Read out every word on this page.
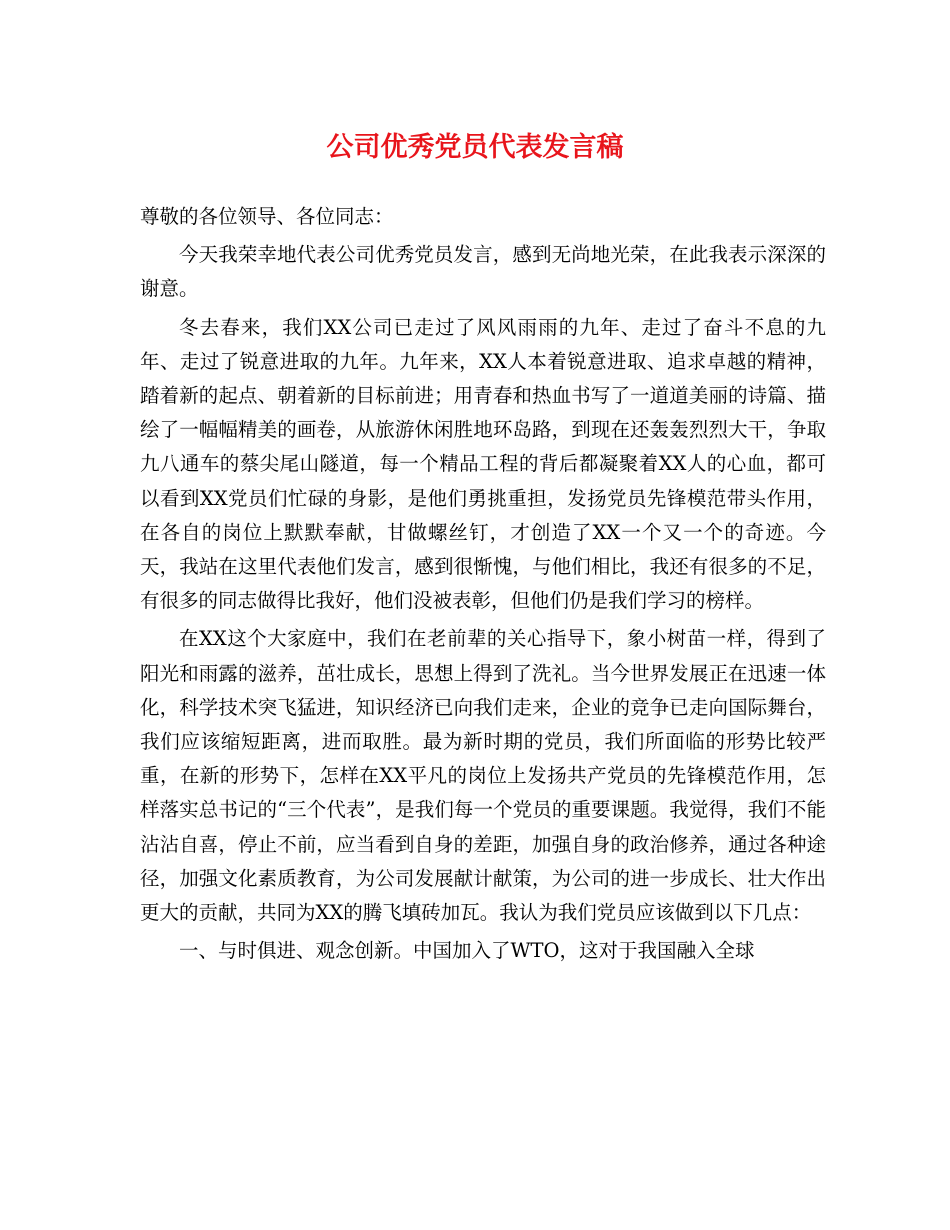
公司优秀党员代表发言稿

尊敬的各位领导、各位同志：

今天我荣幸地代表公司优秀党员发言，感到无尚地光荣，在此我表示深深的谢意。

冬去春来，我们XX公司已走过了风风雨雨的九年、走过了奋斗不息的九年、走过了锐意进取的九年。九年来，XX人本着锐意进取、追求卓越的精神，踏着新的起点、朝着新的目标前进；用青春和热血书写了一道道美丽的诗篇、描绘了一幅幅精美的画卷，从旅游休闲胜地环岛路，到现在还轰轰烈烈大干，争取九八通车的蔡尖尾山隧道，每一个精品工程的背后都凝聚着XX人的心血，都可以看到XX党员们忙碌的身影，是他们勇挑重担，发扬党员先锋模范带头作用，在各自的岗位上默默奉献，甘做螺丝钉，才创造了XX一个又一个的奇迹。今天，我站在这里代表他们发言，感到很惭愧，与他们相比，我还有很多的不足，有很多的同志做得比我好，他们没被表彰，但他们仍是我们学习的榜样。

在XX这个大家庭中，我们在老前辈的关心指导下，象小树苗一样，得到了阳光和雨露的滋养，茁壮成长，思想上得到了洗礼。当今世界发展正在迅速一体化，科学技术突飞猛进，知识经济已向我们走来，企业的竞争已走向国际舞台，我们应该缩短距离，进而取胜。最为新时期的党员，我们所面临的形势比较严重，在新的形势下，怎样在XX平凡的岗位上发扬共产党员的先锋模范作用，怎样落实总书记的“三个代表”，是我们每一个党员的重要课题。我觉得，我们不能沾沾自喜，停止不前，应当看到自身的差距，加强自身的政治修养，通过各种途径，加强文化素质教育，为公司发展献计献策，为公司的进一步成长、壮大作出更大的贡献，共同为XX的腾飞填砖加瓦。我认为我们党员应该做到以下几点：

一、与时俱进、观念创新。中国加入了WTO，这对于我国融入全球
